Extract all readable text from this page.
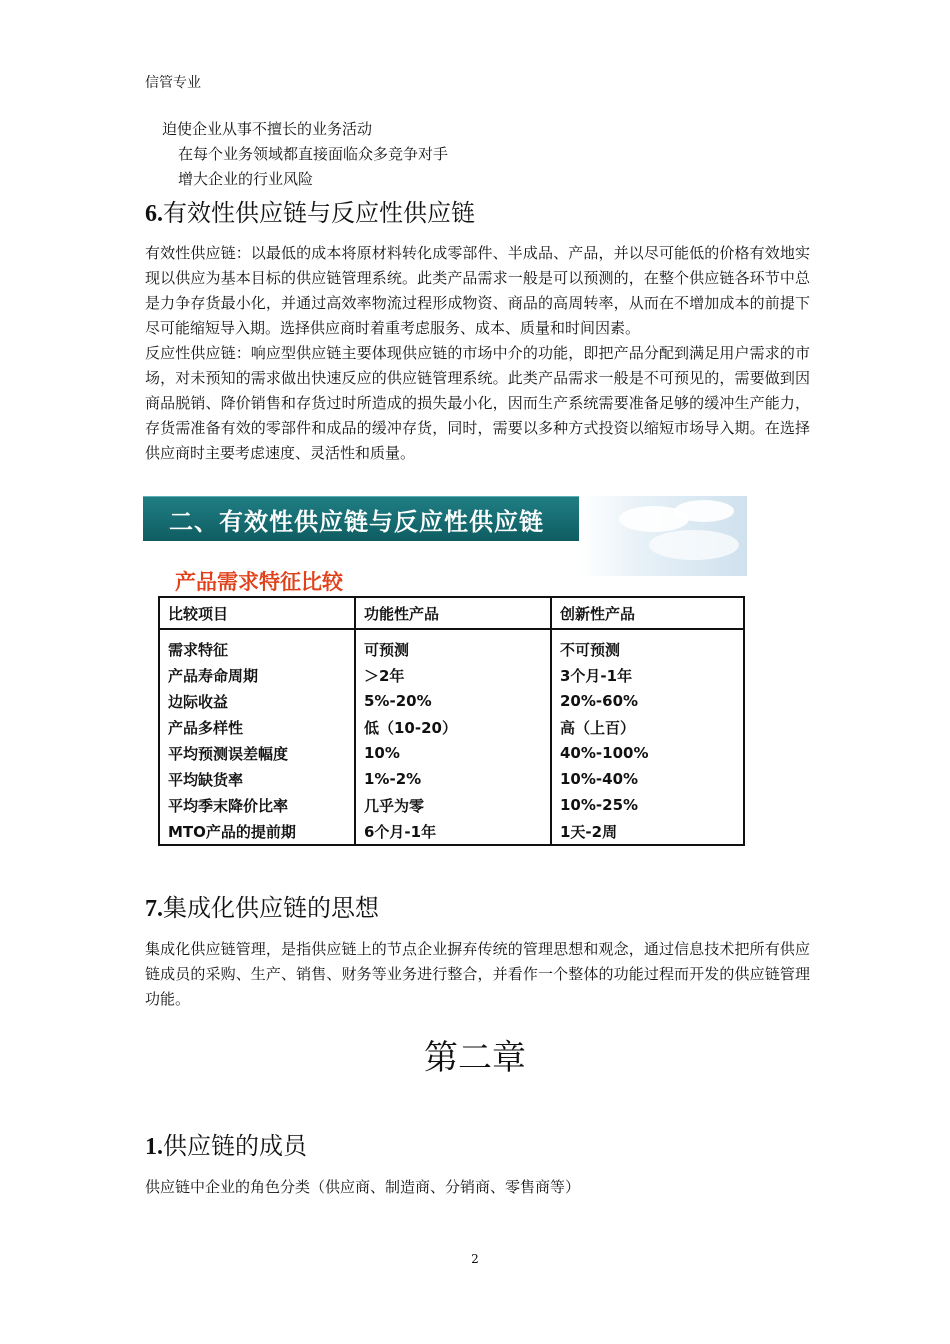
信管专业
迫使企业从事不擅长的业务活动
在每个业务领域都直接面临众多竞争对手
增大企业的行业风险
6.有效性供应链与反应性供应链

有效性供应链：以最低的成本将原材料转化成零部件、半成品、产品，并以尽可能低的价格有效地实现以供应为基本目标的供应链管理系统。此类产品需求一般是可以预测的，在整个供应链各环节中总是力争存货最小化，并通过高效率物流过程形成物资、商品的高周转率，从而在不增加成本的前提下尽可能缩短导入期。选择供应商时着重考虑服务、成本、质量和时间因素。

反应性供应链：响应型供应链主要体现供应链的市场中介的功能，即把产品分配到满足用户需求的市场，对未预知的需求做出快速反应的供应链管理系统。此类产品需求一般是不可预见的，需要做到因商品脱销、降价销售和存货过时所造成的损失最小化，因而生产系统需要准备足够的缓冲生产能力，存货需准备有效的零部件和成品的缓冲存货，同时，需要以多种方式投资以缩短市场导入期。在选择供应商时主要考虑速度、灵活性和质量。

二、有效性供应链与反应性供应链
产品需求特征比较
比较项目	功能性产品	创新性产品
需求特征	可预测	不可预测
产品寿命周期	＞2年	3个月-1年
边际收益	5%-20%	20%-60%
产品多样性	低（10-20）	高（上百）
平均预测误差幅度	10%	40%-100%
平均缺货率	1%-2%	10%-40%
平均季末降价比率	几乎为零	10%-25%
MTO产品的提前期	6个月-1年	1天-2周
7.集成化供应链的思想

集成化供应链管理，是指供应链上的节点企业摒弃传统的管理思想和观念，通过信息技术把所有供应链成员的采购、生产、销售、财务等业务进行整合，并看作一个整体的功能过程而开发的供应链管理功能。

第二章
1.供应链的成员

供应链中企业的角色分类（供应商、制造商、分销商、零售商等）

2
